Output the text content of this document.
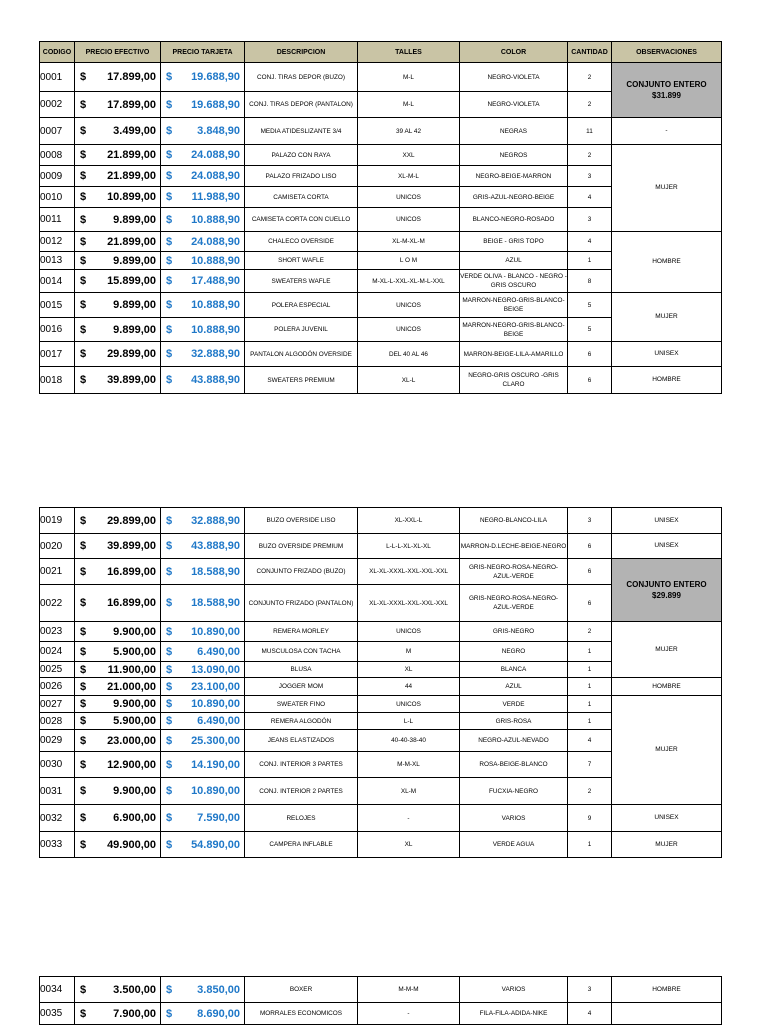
CODIGO	PRECIO EFECTIVO	PRECIO TARJETA	DESCRIPCION	TALLES	COLOR	CANTIDAD	OBSERVACIONES
0001	$ 17.899,00	$ 19.688,90	CONJ. TIRAS DEPOR (BUZO)	M-L	NEGRO-VIOLETA	2	CONJUNTO ENTERO $31.899
0002	$ 17.899,00	$ 19.688,90	CONJ. TIRAS DEPOR (PANTALON)	M-L	NEGRO-VIOLETA	2	
0007	$ 3.499,00	$ 3.848,90	MEDIA ATIDESLIZANTE 3/4	39 AL 42	NEGRAS	11	-
0008	$ 21.899,00	$ 24.088,90	PALAZO CON RAYA	XXL	NEGROS	2	MUJER
0009	$ 21.899,00	$ 24.088,90	PALAZO FRIZADO LISO	XL-M-L	NEGRO-BEIGE-MARRON	3	
0010	$ 10.899,00	$ 11.988,90	CAMISETA CORTA	UNICOS	GRIS-AZUL-NEGRO-BEIGE	4	
0011	$ 9.899,00	$ 10.888,90	CAMISETA CORTA CON CUELLO	UNICOS	BLANCO-NEGRO-ROSADO	3	
0012	$ 21.899,00	$ 24.088,90	CHALECO OVERSIDE	XL-M-XL-M	BEIGE - GRIS TOPO	4	HOMBRE
0013	$ 9.899,00	$ 10.888,90	SHORT WAFLE	L O M	AZUL	1	
0014	$ 15.899,00	$ 17.488,90	SWEATERS WAFLE	M-XL-L-XXL-XL-M-L-XXL	VERDE OLIVA - BLANCO - NEGRO - GRIS OSCURO	8	
0015	$ 9.899,00	$ 10.888,90	POLERA ESPECIAL	UNICOS	MARRON-NEGRO-GRIS-BLANCO-BEIGE	5	MUJER
0016	$ 9.899,00	$ 10.888,90	POLERA JUVENIL	UNICOS	MARRON-NEGRO-GRIS-BLANCO-BEIGE	5	
0017	$ 29.899,00	$ 32.888,90	PANTALON ALGODÓN OVERSIDE	DEL 40 AL 46	MARRON-BEIGE-LILA-AMARILLO	6	UNISEX
0018	$ 39.899,00	$ 43.888,90	SWEATERS PREMIUM	XL-L	NEGRO-GRIS OSCURO -GRIS CLARO	6	HOMBRE
0019	$ 29.899,00	$ 32.888,90	BUZO OVERSIDE LISO	XL-XXL-L	NEGRO-BLANCO-LILA	3	UNISEX
0020	$ 39.899,00	$ 43.888,90	BUZO OVERSIDE PREMIUM	L-L-L-XL-XL-XL	MARRON-D.LECHE-BEIGE-NEGRO	6	UNISEX
0021	$ 16.899,00	$ 18.588,90	CONJUNTO FRIZADO (BUZO)	XL-XL-XXXL-XXL-XXL-XXL	GRIS-NEGRO-ROSA-NEGRO-AZUL-VERDE	6	CONJUNTO ENTERO $29.899
0022	$ 16.899,00	$ 18.588,90	CONJUNTO FRIZADO (PANTALON)	XL-XL-XXXL-XXL-XXL-XXL	GRIS-NEGRO-ROSA-NEGRO-AZUL-VERDE	6	
0023	$ 9.900,00	$ 10.890,00	REMERA MORLEY	UNICOS	GRIS-NEGRO	2	MUJER
0024	$ 5.900,00	$ 6.490,00	MUSCULOSA CON TACHA	M	NEGRO	1	
0025	$ 11.900,00	$ 13.090,00	BLUSA	XL	BLANCA	1	
0026	$ 21.000,00	$ 23.100,00	JOGGER MOM	44	AZUL	1	HOMBRE
0027	$ 9.900,00	$ 10.890,00	SWEATER FINO	UNICOS	VERDE	1	MUJER
0028	$ 5.900,00	$ 6.490,00	REMERA ALGODÓN	L-L	GRIS-ROSA	1	
0029	$ 23.000,00	$ 25.300,00	JEANS ELASTIZADOS	40-40-38-40	NEGRO-AZUL-NEVADO	4	
0030	$ 12.900,00	$ 14.190,00	CONJ. INTERIOR 3 PARTES	M-M-XL	ROSA-BEIGE-BLANCO	7	
0031	$ 9.900,00	$ 10.890,00	CONJ. INTERIOR 2 PARTES	XL-M	FUCXIA-NEGRO	2	
0032	$ 6.900,00	$ 7.590,00	RELOJES	-	VARIOS	9	UNISEX
0033	$ 49.900,00	$ 54.890,00	CAMPERA INFLABLE	XL	VERDE AGUA	1	MUJER
0034	$ 3.500,00	$ 3.850,00	BOXER	M-M-M	VARIOS	3	HOMBRE
0035	$ 7.900,00	$ 8.690,00	MORRALES ECONOMICOS	-	FILA-FILA-ADIDA-NIKE	4	
